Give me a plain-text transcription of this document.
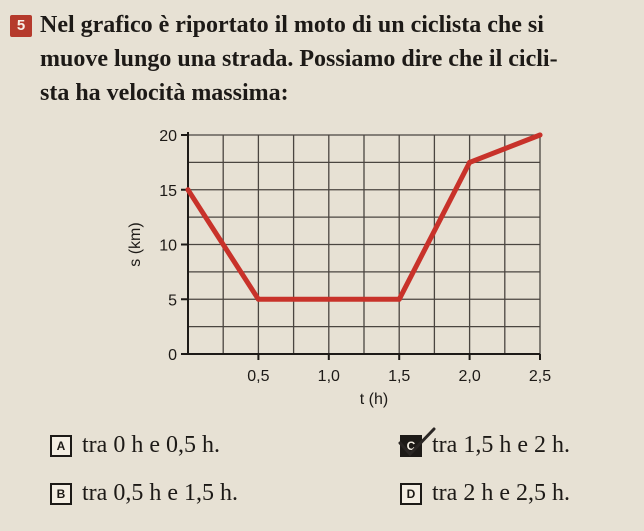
5 Nel grafico è riportato il moto di un ciclista che si
muove lungo una strada. Possiamo dire che il cicli-
sta ha velocità massima:
0
5
10
15
20
0,5	1,0	1,5	2,0	2,5
s (km)
t (h)
A tra 0 h e 0,5 h.	C tra 1,5 h e 2 h.
B tra 0,5 h e 1,5 h.	D tra 2 h e 2,5 h.
